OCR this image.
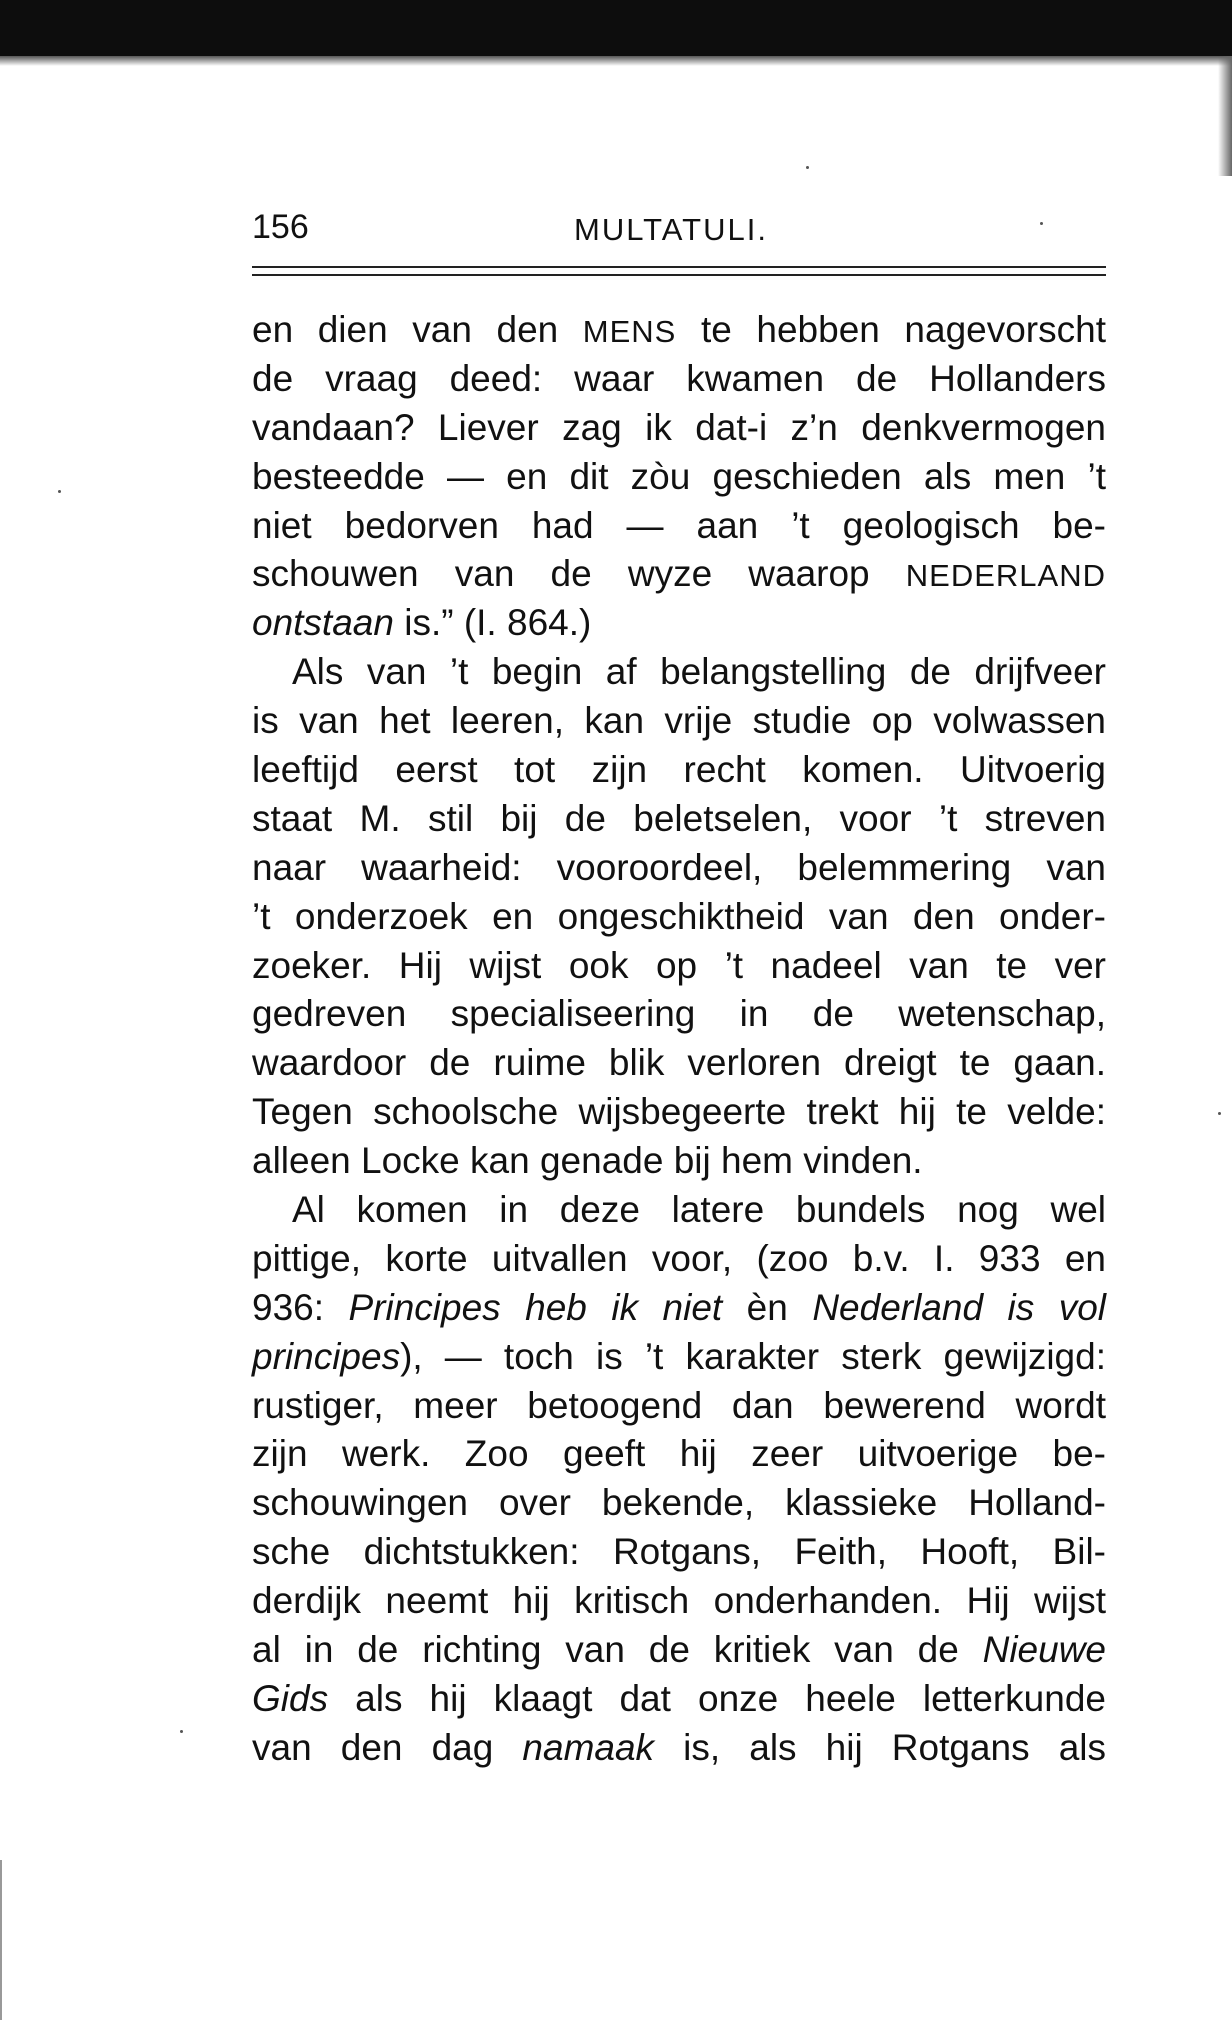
156	MULTATULI.
en dien van den MENS te hebben nagevorscht
de vraag deed: waar kwamen de Hollanders
vandaan? Liever zag ik dat-i z’n denkvermogen
besteedde — en dit zòu geschieden als men ’t
niet bedorven had — aan ’t geologisch be-
schouwen van de wyze waarop NEDERLAND
ontstaan is.” (I. 864.)
Als van ’t begin af belangstelling de drijfveer
is van het leeren, kan vrije studie op volwassen
leeftijd eerst tot zijn recht komen. Uitvoerig
staat M. stil bij de beletselen, voor ’t streven
naar waarheid: vooroordeel, belemmering van
’t onderzoek en ongeschiktheid van den onder-
zoeker. Hij wijst ook op ’t nadeel van te ver
gedreven specialiseering in de wetenschap,
waardoor de ruime blik verloren dreigt te gaan.
Tegen schoolsche wijsbegeerte trekt hij te velde:
alleen Locke kan genade bij hem vinden.
Al komen in deze latere bundels nog wel
pittige, korte uitvallen voor, (zoo b.v. I. 933 en
936: Principes heb ik niet èn Nederland is vol
principes), — toch is ’t karakter sterk gewijzigd:
rustiger, meer betoogend dan bewerend wordt
zijn werk. Zoo geeft hij zeer uitvoerige be-
schouwingen over bekende, klassieke Holland-
sche dichtstukken: Rotgans, Feith, Hooft, Bil-
derdijk neemt hij kritisch onderhanden. Hij wijst
al in de richting van de kritiek van de Nieuwe
Gids als hij klaagt dat onze heele letterkunde
van den dag namaak is, als hij Rotgans als
